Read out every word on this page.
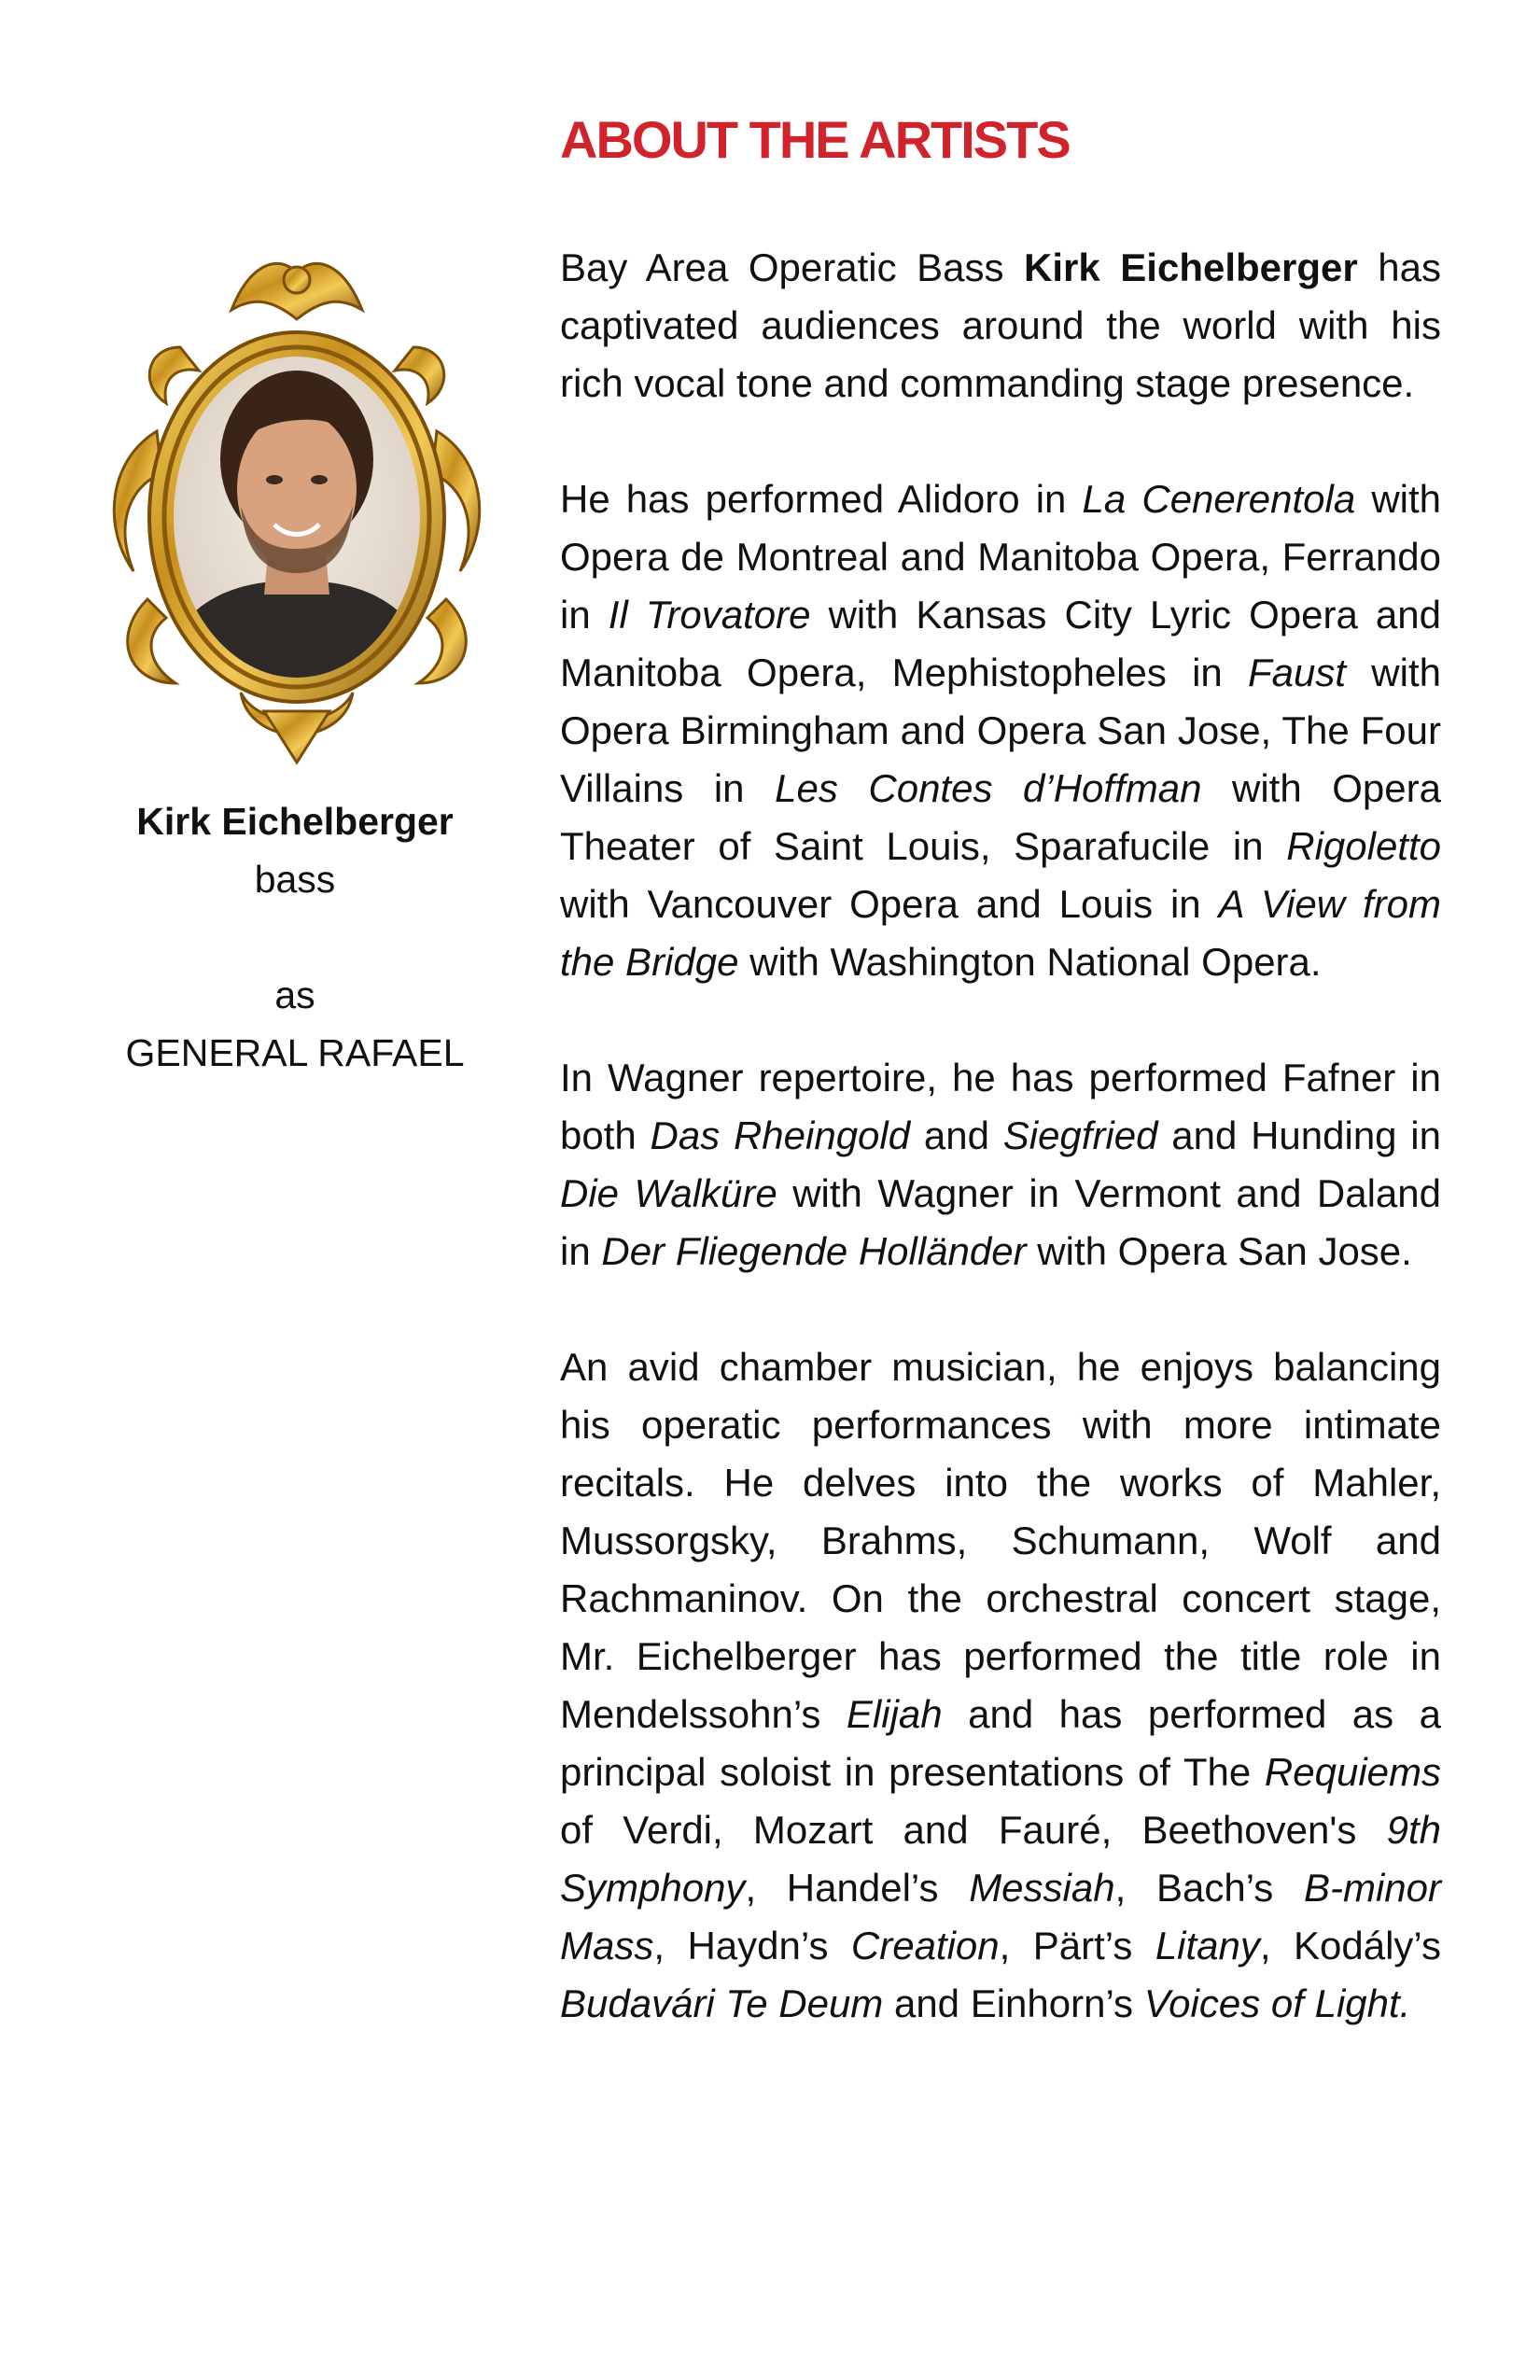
ABOUT THE ARTISTS
Kirk Eichelberger
bass
as
GENERAL RAFAEL

Bay Area Operatic Bass Kirk Eichelberger has captivated audiences around the world with his rich vocal tone and commanding stage presence.

He has performed Alidoro in La Cenerentola with Opera de Montreal and Manitoba Opera, Ferrando in Il Trovatore with Kansas City Lyric Opera and Manitoba Opera, Mephistopheles in Faust with Opera Birmingham and Opera San Jose, The Four Villains in Les Contes d’Hoffman with Opera Theater of Saint Louis, Sparafucile in Rigoletto with Vancouver Opera and Louis in A View from the Bridge with Washington National Opera.

In Wagner repertoire, he has performed Fafner in both Das Rheingold and Siegfried and Hunding in Die Walküre with Wagner in Vermont and Daland in Der Fliegende Holländer with Opera San Jose.

An avid chamber musician, he enjoys balancing his operatic performances with more intimate recitals. He delves into the works of Mahler, Mussorgsky, Brahms, Schumann, Wolf and Rachmaninov. On the orchestral concert stage, Mr. Eichelberger has performed the title role in Mendelssohn’s Elijah and has performed as a principal soloist in presentations of The Requiems of Verdi, Mozart and Fauré, Beethoven's 9th Symphony, Handel’s Messiah, Bach’s B-minor Mass, Haydn’s Creation, Pärt’s Litany, Kodály’s Budavári Te Deum and Einhorn’s Voices of Light.
